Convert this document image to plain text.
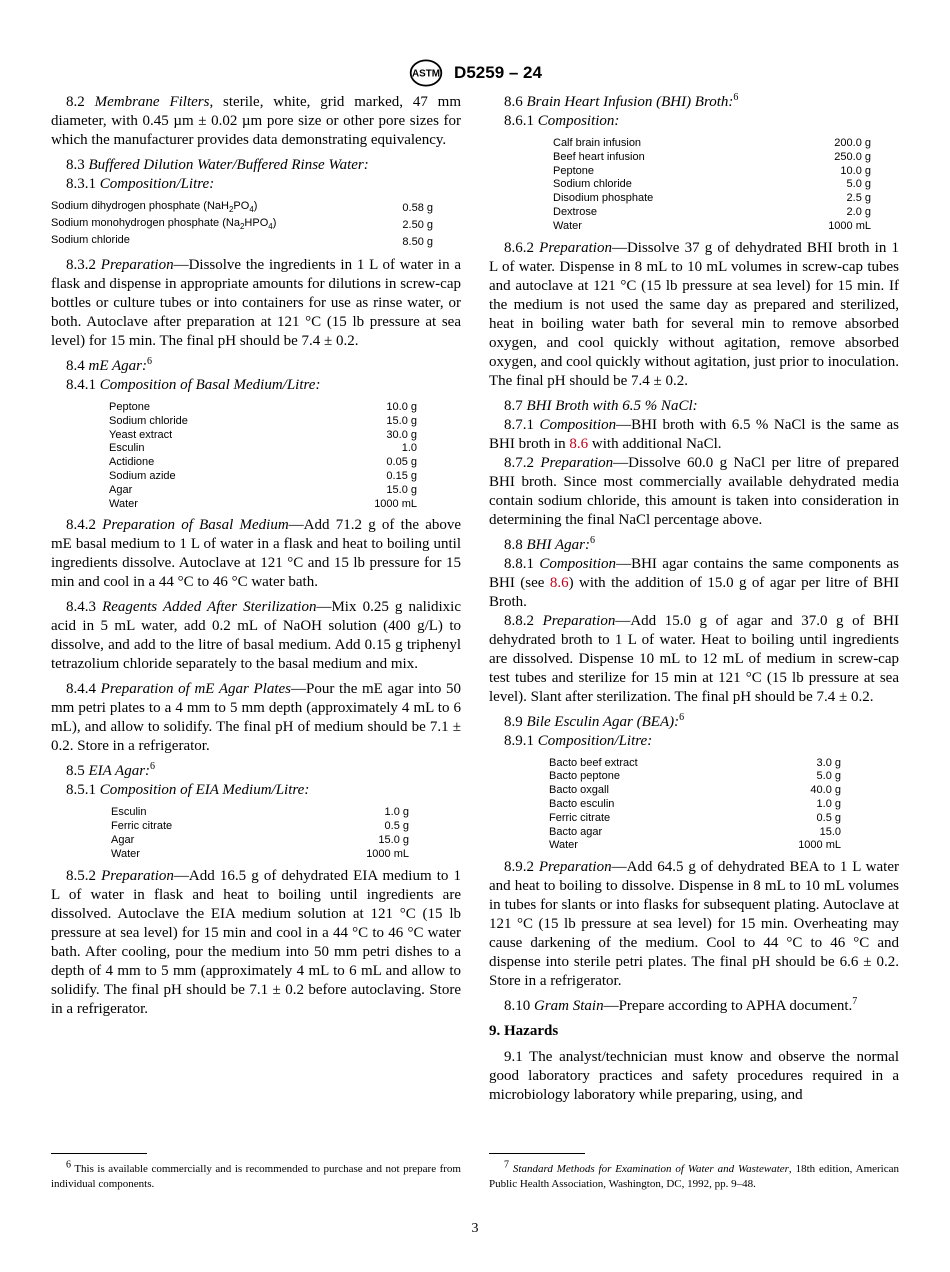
ASTM D5259 – 24

8.2 Membrane Filters, sterile, white, grid marked, 47 mm diameter, with 0.45 µm ± 0.02 µm pore size or other pore sizes for which the manufacturer provides data demonstrating equivalency.

8.3 Buffered Dilution Water/Buffered Rinse Water:

8.3.1 Composition/Litre:

Sodium dihydrogen phosphate $(NaH_2PO_4)$	0.58 g
Sodium monohydrogen phosphate $(Na_2HPO_4)$	2.50 g
Sodium chloride	8.50 g

8.3.2 Preparation—Dissolve the ingredients in 1 L of water in a flask and dispense in appropriate amounts for dilutions in screw-cap bottles or culture tubes or into containers for use as rinse water, or both. Autoclave after preparation at 121 °C (15 lb pressure at sea level) for 15 min. The final pH should be 7.4 ± 0.2.

8.4 mE Agar:$^6$

8.4.1 Composition of Basal Medium/Litre:

Peptone	10.0 g
Sodium chloride	15.0 g
Yeast extract	30.0 g
Esculin	1.0
Actidione	0.05 g
Sodium azide	0.15 g
Agar	15.0 g
Water	1000 mL

8.4.2 Preparation of Basal Medium—Add 71.2 g of the above mE basal medium to 1 L of water in a flask and heat to boiling until ingredients dissolve. Autoclave at 121 °C and 15 lb pressure for 15 min and cool in a 44 °C to 46 °C water bath.

8.4.3 Reagents Added After Sterilization—Mix 0.25 g nalidixic acid in 5 mL water, add 0.2 mL of NaOH solution (400 g/L) to dissolve, and add to the litre of basal medium. Add 0.15 g triphenyl tetrazolium chloride separately to the basal medium and mix.

8.4.4 Preparation of mE Agar Plates—Pour the mE agar into 50 mm petri plates to a 4 mm to 5 mm depth (approximately 4 mL to 6 mL), and allow to solidify. The final pH of medium should be 7.1 ± 0.2. Store in a refrigerator.

8.5 EIA Agar:$^6$

8.5.1 Composition of EIA Medium/Litre:

Esculin	1.0 g
Ferric citrate	0.5 g
Agar	15.0 g
Water	1000 mL

8.5.2 Preparation—Add 16.5 g of dehydrated EIA medium to 1 L of water in flask and heat to boiling until ingredients are dissolved. Autoclave the EIA medium solution at 121 °C (15 lb pressure at sea level) for 15 min and cool in a 44 °C to 46 °C water bath. After cooling, pour the medium into 50 mm petri dishes to a depth of 4 mm to 5 mm (approximately 4 mL to 6 mL and allow to solidify. The final pH should be 7.1 ± 0.2 before autoclaving. Store in a refrigerator.

8.6 Brain Heart Infusion (BHI) Broth:$^6$

8.6.1 Composition:

Calf brain infusion	200.0 g
Beef heart infusion	250.0 g
Peptone	10.0 g
Sodium chloride	5.0 g
Disodium phosphate	2.5 g
Dextrose	2.0 g
Water	1000 mL

8.6.2 Preparation—Dissolve 37 g of dehydrated BHI broth in 1 L of water. Dispense in 8 mL to 10 mL volumes in screw-cap tubes and autoclave at 121 °C (15 lb pressure at sea level) for 15 min. If the medium is not used the same day as prepared and sterilized, heat in boiling water bath for several min to remove absorbed oxygen, and cool quickly without agitation, remove absorbed oxygen, and cool quickly without agitation, just prior to inoculation. The final pH should be 7.4 ± 0.2.

8.7 BHI Broth with 6.5 % NaCl:

8.7.1 Composition—BHI broth with 6.5 % NaCl is the same as BHI broth in 8.6 with additional NaCl.

8.7.2 Preparation—Dissolve 60.0 g NaCl per litre of prepared BHI broth. Since most commercially available dehydrated media contain sodium chloride, this amount is taken into consideration in determining the final NaCl percentage above.

8.8 BHI Agar:$^6$

8.8.1 Composition—BHI agar contains the same components as BHI (see 8.6) with the addition of 15.0 g of agar per litre of BHI Broth.

8.8.2 Preparation—Add 15.0 g of agar and 37.0 g of BHI dehydrated broth to 1 L of water. Heat to boiling until ingredients are dissolved. Dispense 10 mL to 12 mL of medium in screw-cap test tubes and sterilize for 15 min at 121 °C (15 lb pressure at sea level). Slant after sterilization. The final pH should be 7.4 ± 0.2.

8.9 Bile Esculin Agar (BEA):$^6$

8.9.1 Composition/Litre:

Bacto beef extract	3.0 g
Bacto peptone	5.0 g
Bacto oxgall	40.0 g
Bacto esculin	1.0 g
Ferric citrate	0.5 g
Bacto agar	15.0
Water	1000 mL

8.9.2 Preparation—Add 64.5 g of dehydrated BEA to 1 L water and heat to boiling to dissolve. Dispense in 8 mL to 10 mL volumes in tubes for slants or into flasks for subsequent plating. Autoclave at 121 °C (15 lb pressure at sea level) for 15 min. Overheating may cause darkening of the medium. Cool to 44 °C to 46 °C and dispense into sterile petri plates. The final pH should be 6.6 ± 0.2. Store in a refrigerator.

8.10 Gram Stain—Prepare according to APHA document.$^7$

9. Hazards

9.1 The analyst/technician must know and observe the normal good laboratory practices and safety procedures required in a microbiology laboratory while preparing, using, and

$^6$ This is available commercially and is recommended to purchase and not prepare from individual components.
$^7$ Standard Methods for Examination of Water and Wastewater, 18th edition, American Public Health Association, Washington, DC, 1992, pp. 9–48.
3
